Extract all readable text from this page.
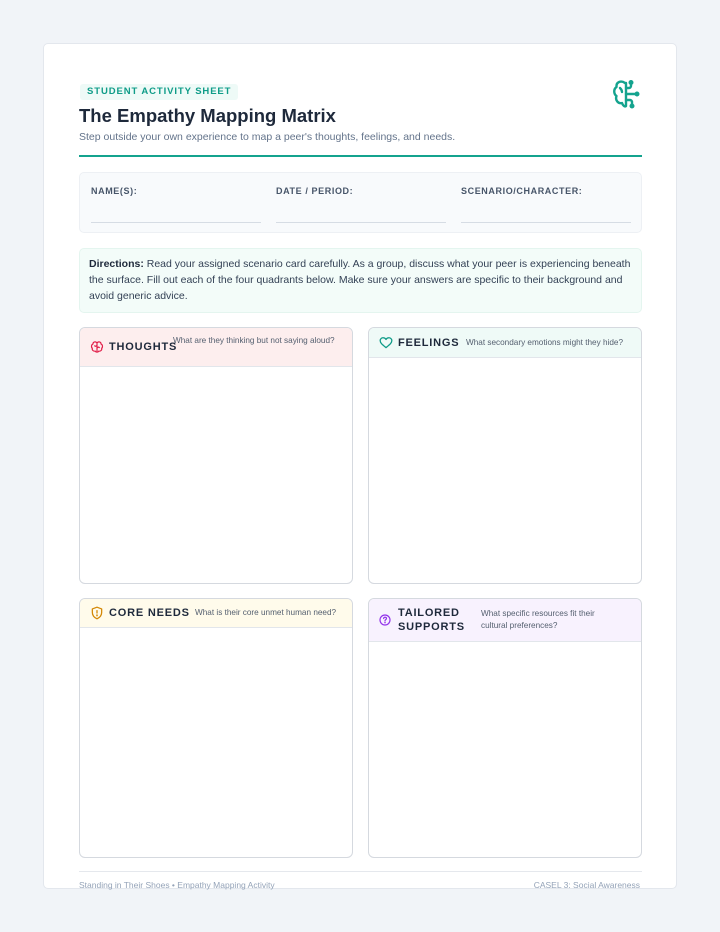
STUDENT ACTIVITY SHEET
The Empathy Mapping Matrix
Step outside your own experience to map a peer's thoughts, feelings, and needs.
NAME(S):	DATE / PERIOD:	SCENARIO/CHARACTER:
Directions: Read your assigned scenario card carefully. As a group, discuss what your peer is experiencing beneath the surface. Fill out each of the four quadrants below. Make sure your answers are specific to their background and avoid generic advice.
THOUGHTS
What are they thinking but not saying aloud?	FEELINGS What secondary emotions might they hide?
CORE NEEDS What is their core unmet human need?	TAILORED SUPPORTS
What specific resources fit their cultural preferences?
Standing in Their Shoes • Empathy Mapping Activity	CASEL 3: Social Awareness
